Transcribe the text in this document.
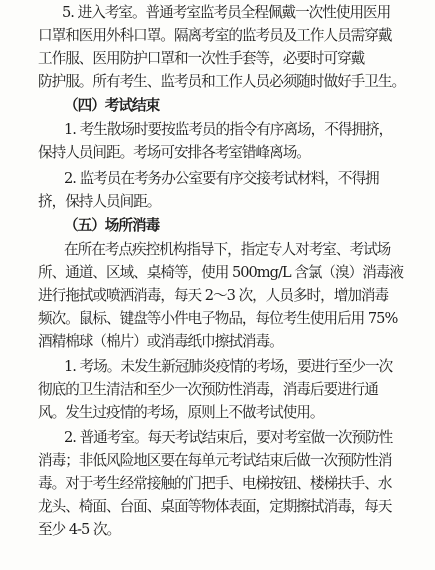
5. 进入考室。普通考室监考员全程佩戴一次性使用医用
口罩和医用外科口罩。隔离考室的监考员及工作人员需穿戴
工作服、医用防护口罩和一次性手套等，必要时可穿戴
防护服。所有考生、监考员和工作人员必须随时做好手卫生。
（四）考试结束
1. 考生散场时要按监考员的指令有序离场，不得拥挤，
保持人员间距。考场可安排各考室错峰离场。
2. 监考员在考务办公室要有序交接考试材料，不得拥
挤，保持人员间距。
（五）场所消毒
在所在考点疾控机构指导下，指定专人对考室、考试场
所、通道、区域、桌椅等，使用 500mg/L 含氯（溴）消毒液
进行拖拭或喷洒消毒，每天 2～3 次，人员多时，增加消毒
频次。鼠标、键盘等小件电子物品，每位考生使用后用 75%
酒精棉球（棉片）或消毒纸巾擦拭消毒。
1. 考场。未发生新冠肺炎疫情的考场，要进行至少一次
彻底的卫生清洁和至少一次预防性消毒，消毒后要进行通
风。发生过疫情的考场，原则上不做考试使用。
2. 普通考室。每天考试结束后，要对考室做一次预防性
消毒；非低风险地区要在每单元考试结束后做一次预防性消
毒。对于考生经常接触的门把手、电梯按钮、楼梯扶手、水
龙头、椅面、台面、桌面等物体表面，定期擦拭消毒，每天
至少 4-5 次。
